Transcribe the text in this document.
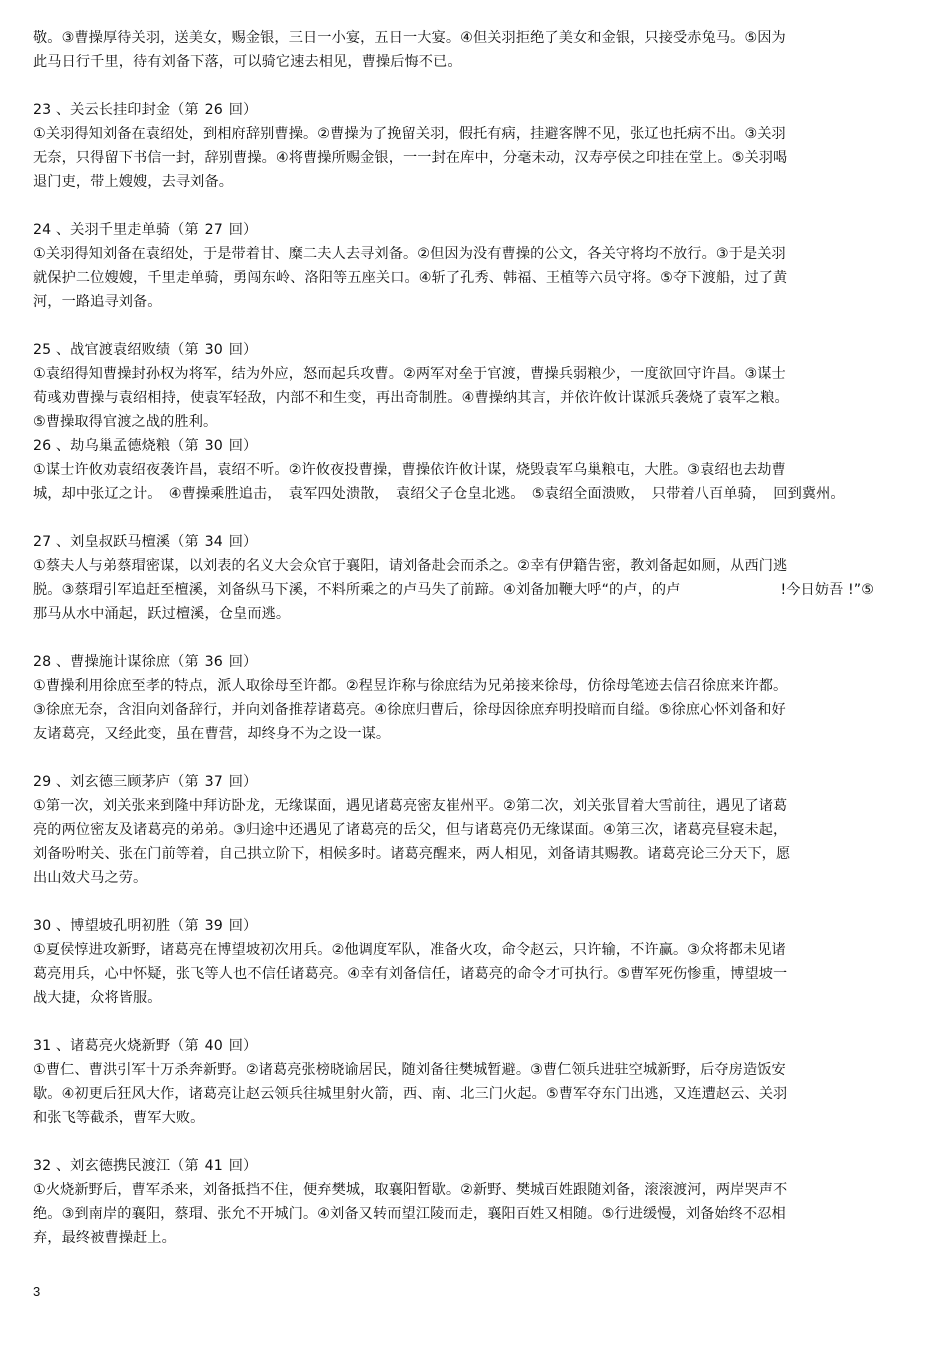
敬。③曹操厚待关羽，送美女，赐金银，三日一小宴，五日一大宴。④但关羽拒绝了美女和金银，只接受赤兔马。⑤因为

此马日行千里，待有刘备下落，可以骑它速去相见，曹操后悔不已。

23 、关云长挂印封金（第 26 回）

①关羽得知刘备在袁绍处，到相府辞别曹操。②曹操为了挽留关羽，假托有病，挂避客牌不见，张辽也托病不出。③关羽

无奈，只得留下书信一封，辞别曹操。④将曹操所赐金银，一一封在库中，分毫未动，汉寿亭侯之印挂在堂上。⑤关羽喝

退门吏，带上嫂嫂，去寻刘备。

24 、关羽千里走单骑（第 27 回）

①关羽得知刘备在袁绍处，于是带着甘、糜二夫人去寻刘备。②但因为没有曹操的公文，各关守将均不放行。③于是关羽

就保护二位嫂嫂，千里走单骑，勇闯东岭、洛阳等五座关口。④斩了孔秀、韩福、王植等六员守将。⑤夺下渡船，过了黄

河，一路追寻刘备。

25 、战官渡袁绍败绩（第 30 回）

①袁绍得知曹操封孙权为将军，结为外应，怒而起兵攻曹。②两军对垒于官渡，曹操兵弱粮少，一度欲回守许昌。③谋士

荀彧劝曹操与袁绍相持，使袁军轻敌，内部不和生变，再出奇制胜。④曹操纳其言，并依许攸计谋派兵袭烧了袁军之粮。

⑤曹操取得官渡之战的胜利。

26 、劫乌巢孟德烧粮（第 30 回）

①谋士许攸劝袁绍夜袭许昌，袁绍不听。②许攸夜投曹操，曹操依许攸计谋，烧毁袁军乌巢粮屯，大胜。③袁绍也去劫曹

城，却中张辽之计。　④曹操乘胜追击，　袁军四处溃散，　袁绍父子仓皇北逃。　⑤袁绍全面溃败，　只带着八百单骑，　回到冀州。

27 、刘皇叔跃马檀溪（第 34 回）

①蔡夫人与弟蔡瑁密谋，以刘表的名义大会众官于襄阳，请刘备赴会而杀之。②幸有伊籍告密，教刘备起如厕，从西门逃

脱。③蔡瑁引军追赶至檀溪，刘备纵马下溪，不料所乘之的卢马失了前蹄。④刘备加鞭大呼“的卢，的卢　　　　　　　!今日妨吾 !”⑤

那马从水中涌起，跃过檀溪，仓皇而逃。

28 、曹操施计谋徐庶（第 36 回）

①曹操利用徐庶至孝的特点，派人取徐母至许都。②程昱诈称与徐庶结为兄弟接来徐母，仿徐母笔迹去信召徐庶来许都。

③徐庶无奈，含泪向刘备辞行，并向刘备推荐诸葛亮。④徐庶归曹后，徐母因徐庶弃明投暗而自缢。⑤徐庶心怀刘备和好

友诸葛亮，又经此变，虽在曹营，却终身不为之设一谋。

29 、刘玄德三顾茅庐（第 37 回）

①第一次，刘关张来到隆中拜访卧龙，无缘谋面，遇见诸葛亮密友崔州平。②第二次，刘关张冒着大雪前往，遇见了诸葛

亮的两位密友及诸葛亮的弟弟。③归途中还遇见了诸葛亮的岳父，但与诸葛亮仍无缘谋面。④第三次，诸葛亮昼寝未起，

刘备吩咐关、张在门前等着，自己拱立阶下，相候多时。诸葛亮醒来，两人相见，刘备请其赐教。诸葛亮论三分天下，愿

出山效犬马之劳。

30 、博望坡孔明初胜（第 39 回）

①夏侯惇进攻新野，诸葛亮在博望坡初次用兵。②他调度军队，准备火攻，命令赵云，只许输，不许赢。③众将都未见诸

葛亮用兵，心中怀疑，张飞等人也不信任诸葛亮。④幸有刘备信任，诸葛亮的命令才可执行。⑤曹军死伤惨重，博望坡一

战大捷，众将皆服。

31 、诸葛亮火烧新野（第 40 回）

①曹仁、曹洪引军十万杀奔新野。②诸葛亮张榜晓谕居民，随刘备往樊城暂避。③曹仁领兵进驻空城新野，后夺房造饭安

歇。④初更后狂风大作，诸葛亮让赵云领兵往城里射火箭，西、南、北三门火起。⑤曹军夺东门出逃，又连遭赵云、关羽

和张飞等截杀，曹军大败。

32 、刘玄德携民渡江（第 41 回）

①火烧新野后，曹军杀来，刘备抵挡不住，便弃樊城，取襄阳暂歇。②新野、樊城百姓跟随刘备，滚滚渡河，两岸哭声不

绝。③到南岸的襄阳，蔡瑁、张允不开城门。④刘备又转而望江陵而走，襄阳百姓又相随。⑤行进缓慢，刘备始终不忍相

弃，最终被曹操赶上。

3
